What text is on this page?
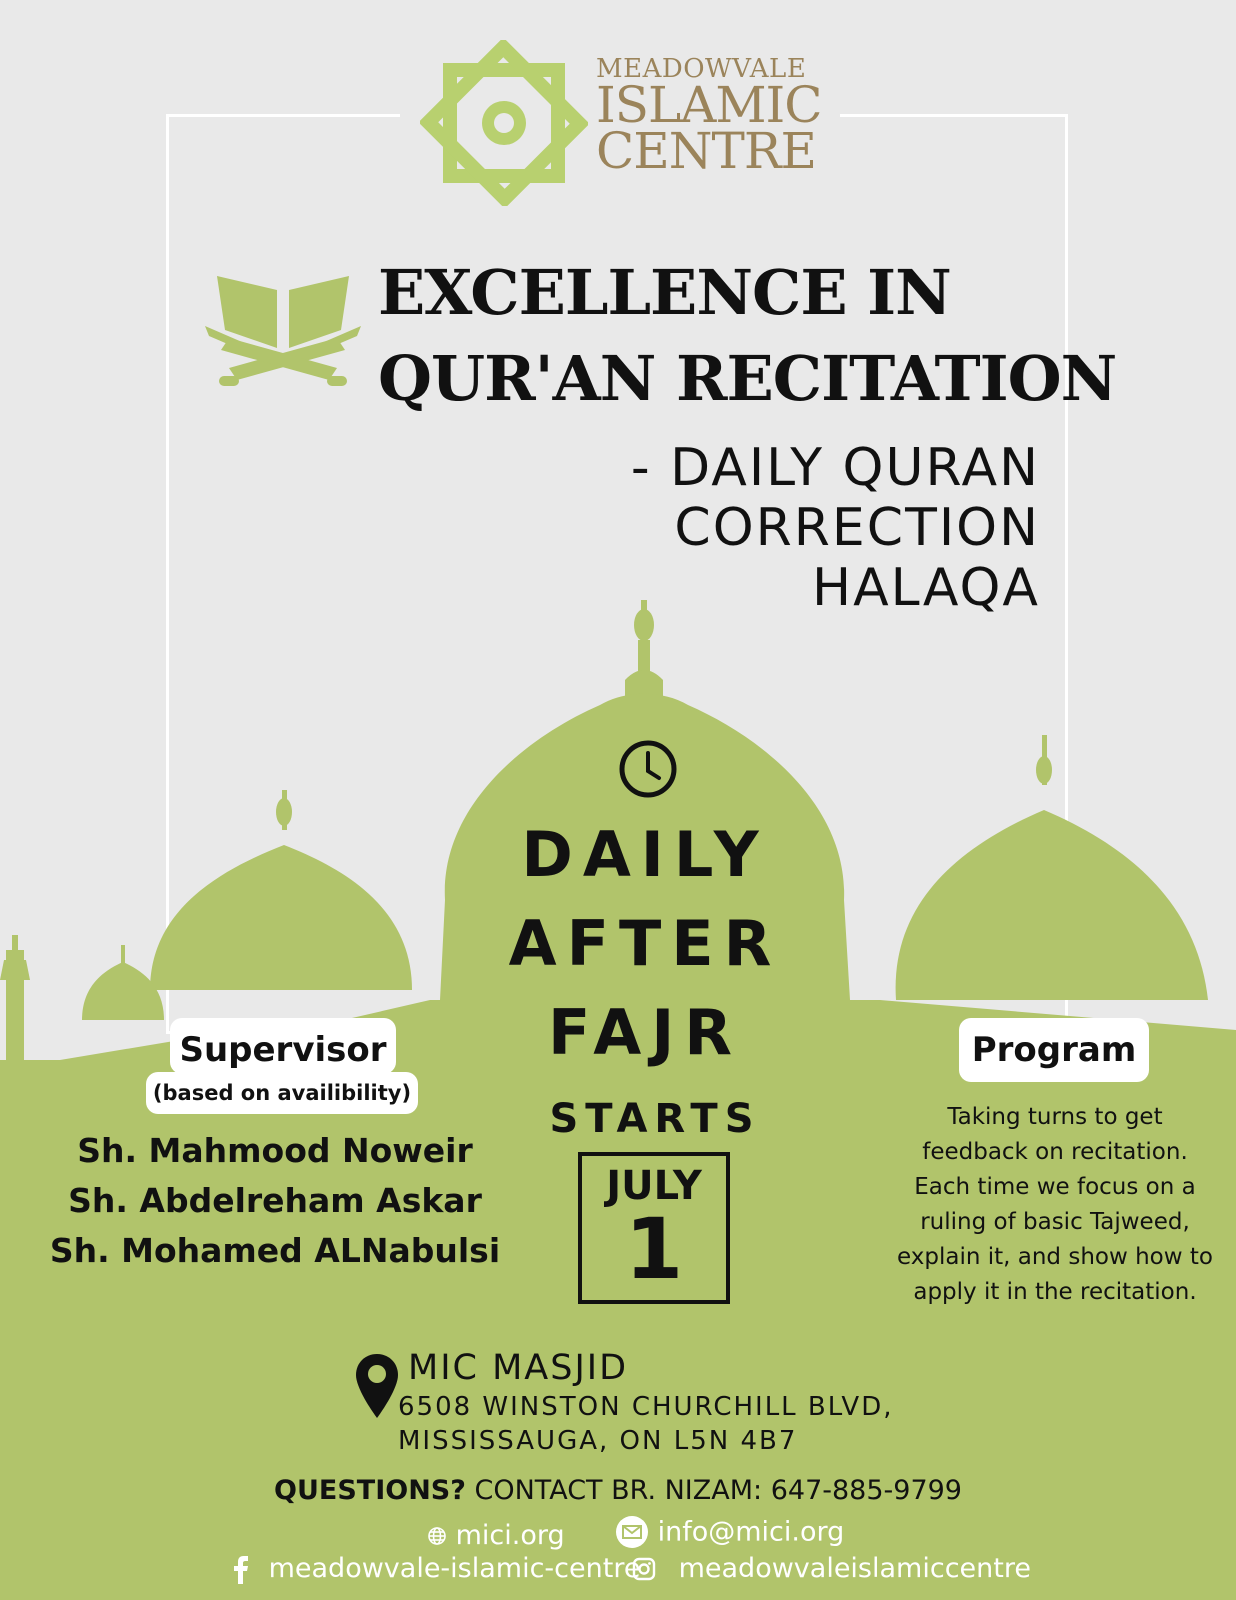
MEADOWVALE
ISLAMIC
CENTRE
EXCELLENCE IN
QUR'AN RECITATION
- DAILY QURAN
CORRECTION
HALAQA
DAILY
AFTER
FAJR
STARTS
JULY
1
Supervisor
(based on availibility)
Sh. Mahmood Noweir
Sh. Abdelreham Askar
Sh. Mohamed ALNabulsi
Program
Taking turns to get
feedback on recitation.
Each time we focus on a
ruling of basic Tajweed,
explain it, and show how to
apply it in the recitation.
MIC MASJID
6508 WINSTON CHURCHILL BLVD,
MISSISSAUGA, ON L5N 4B7
QUESTIONS? CONTACT BR. NIZAM: 647-885-9799
mici.org	info@mici.org
meadowvale-islamic-centre	meadowvaleislamiccentre
